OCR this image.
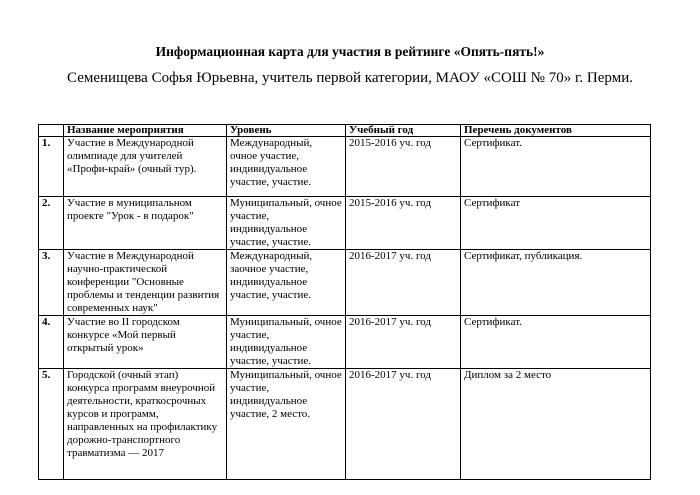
Информационная карта для участия в рейтинге «Опять-пять!»
Семенищева Софья Юрьевна, учитель первой категории, МАОУ «СОШ № 70» г. Перми.
	Название мероприятия	Уровень	Учебный год	Перечень документов
1.	Участие в Международной олимпиаде для учителей «Профи-край» (очный тур).	Международный, очное участие, индивидуальное участие, участие.	2015-2016 уч. год	Сертификат.
2.	Участие в муниципальном проекте "Урок - в подарок"	Муниципальный, очное участие, индивидуальное участие, участие.	2015-2016 уч. год	Сертификат
3.	Участие в Международной научно-практической конференции "Основные проблемы и тенденции развития современных наук"	Международный, заочное участие, индивидуальное участие, участие.	2016-2017 уч. год	Сертификат, публикация.
4.	Участие во II городском конкурсе «Мой первый открытый урок»	Муниципальный, очное участие, индивидуальное участие, участие.	2016-2017 уч. год	Сертификат.
5.	Городской (очный этап) конкурса программ внеурочной деятельности, краткосрочных курсов и программ, направленных на профилактику дорожно-транспортного травматизма — 2017	Муниципальный, очное участие, индивидуальное участие, 2 место.	2016-2017 уч. год	Диплом за 2 место
